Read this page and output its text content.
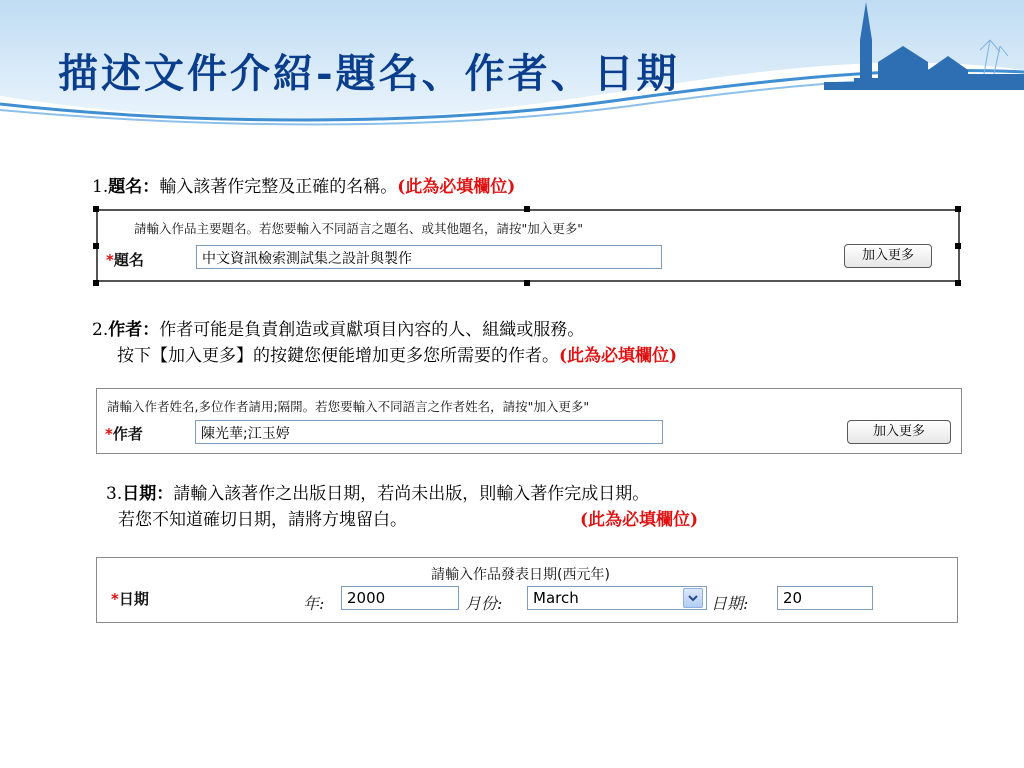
描述文件介紹-題名、作者、日期
1.題名：輸入該著作完整及正確的名稱。(此為必填欄位)
請輸入作品主要題名。若您要輸入不同語言之題名、或其他題名，請按"加入更多"
*題名	中文資訊檢索測試集之設計與製作	加入更多
2.作者：作者可能是負責創造或貢獻項目內容的人、組織或服務。
按下【加入更多】的按鍵您便能增加更多您所需要的作者。(此為必填欄位)
請輸入作者姓名,多位作者請用;隔開。若您要輸入不同語言之作者姓名，請按"加入更多"
*作者	陳光華;江玉婷	加入更多
3.日期：請輸入該著作之出版日期，若尚未出版，則輸入著作完成日期。
若您不知道確切日期，請將方塊留白。	(此為必填欄位)
請輸入作品發表日期(西元年)
*日期	年:	2000	月份:	March	日期:	20
